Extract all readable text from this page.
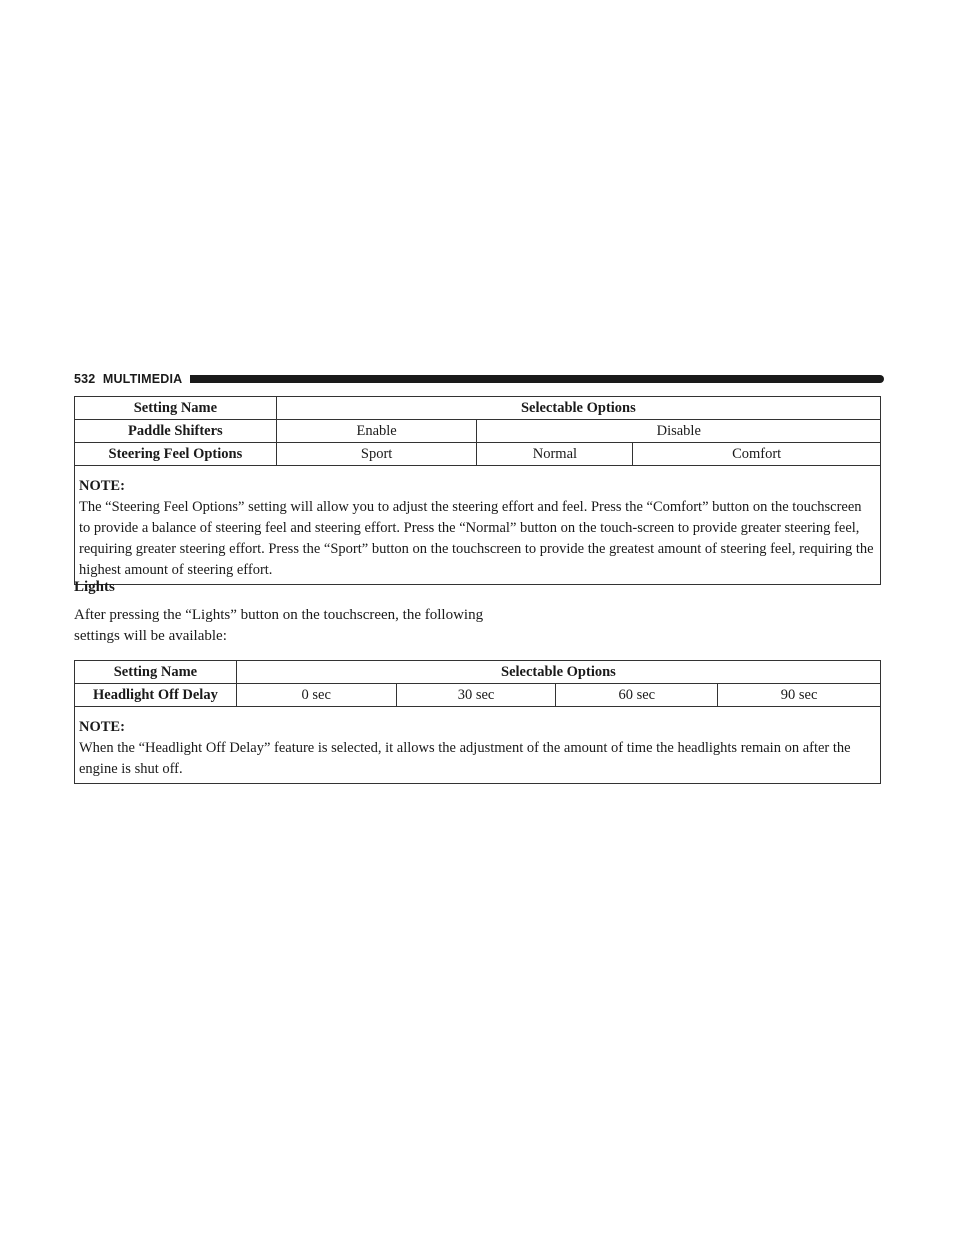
532 MULTIMEDIA
Setting Name	Selectable Options		
Paddle Shifters	Enable	Disable	
Steering Feel Options	Sport	Normal	Comfort

NOTE:
The “Steering Feel Options” setting will allow you to adjust the steering effort and feel. Press the “Comfort” button on the touchscreen to provide a balance of steering feel and steering effort. Press the “Normal” button on the touch-screen to provide greater steering feel, requiring greater steering effort. Press the “Sport” button on the touchscreen to provide the greatest amount of steering feel, requiring the highest amount of steering effort.			
Lights
After pressing the “Lights” button on the touchscreen, the following settings will be available:
Setting Name	Selectable Options			
Headlight Off Delay	0 sec	30 sec	60 sec	90 sec

NOTE:
When the “Headlight Off Delay” feature is selected, it allows the adjustment of the amount of time the headlights remain on after the engine is shut off.				
